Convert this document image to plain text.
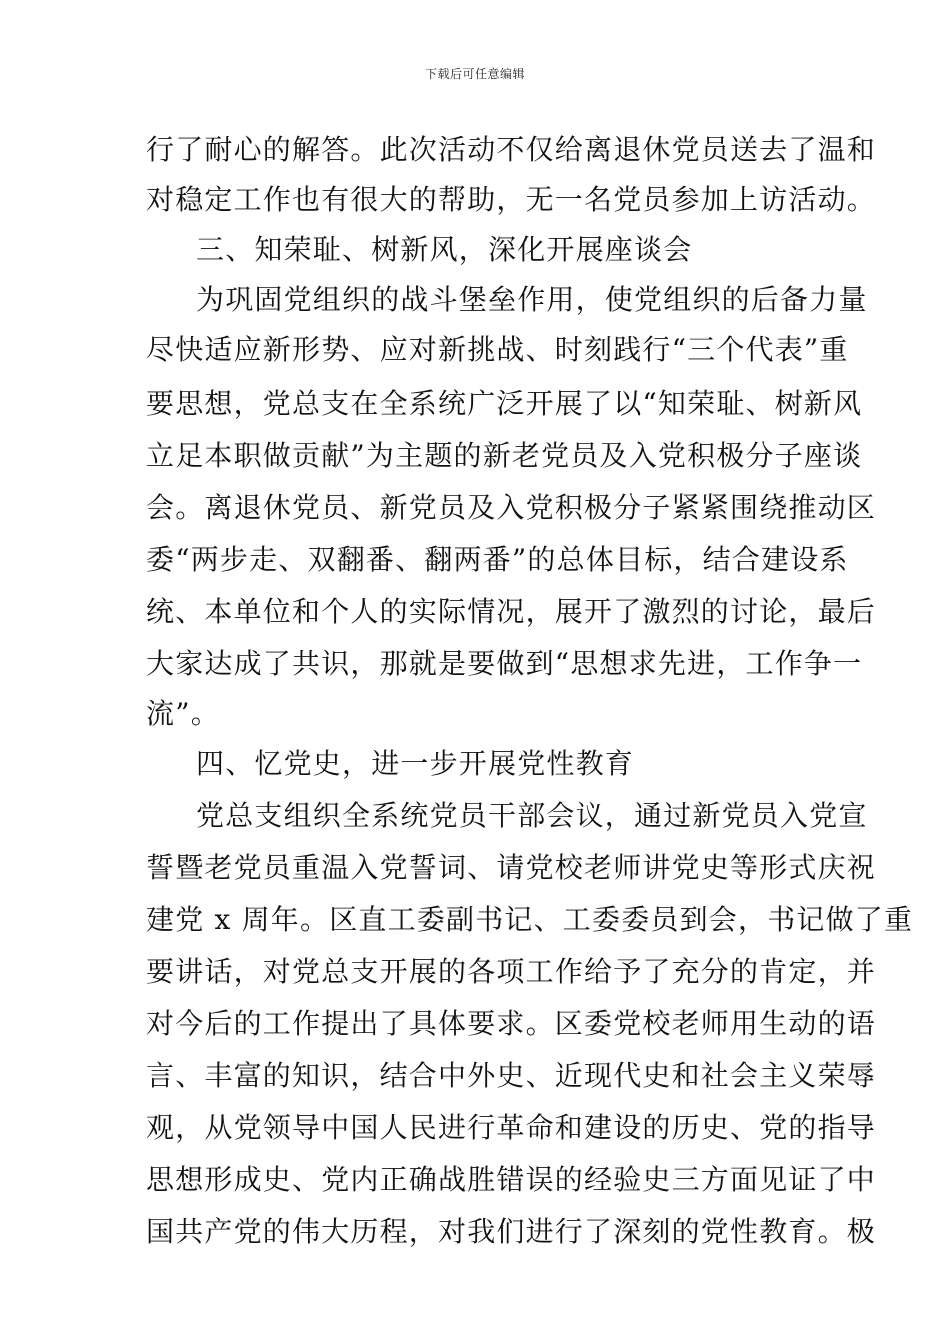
下载后可任意编辑
行了耐心的解答。此次活动不仅给离退休党员送去了温和
对稳定工作也有很大的帮助，无一名党员参加上访活动。
三、知荣耻、树新风，深化开展座谈会
为巩固党组织的战斗堡垒作用，使党组织的后备力量
尽快适应新形势、应对新挑战、时刻践行“三个代表”重
要思想，党总支在全系统广泛开展了以“知荣耻、树新风
立足本职做贡献”为主题的新老党员及入党积极分子座谈
会。离退休党员、新党员及入党积极分子紧紧围绕推动区
委“两步走、双翻番、翻两番”的总体目标，结合建设系
统、本单位和个人的实际情况，展开了激烈的讨论，最后
大家达成了共识，那就是要做到“思想求先进，工作争一
流”。
四、忆党史，进一步开展党性教育
党总支组织全系统党员干部会议，通过新党员入党宣
誓暨老党员重温入党誓词、请党校老师讲党史等形式庆祝
建党 x 周年。区直工委副书记、工委委员到会，书记做了重
要讲话，对党总支开展的各项工作给予了充分的肯定，并
对今后的工作提出了具体要求。区委党校老师用生动的语
言、丰富的知识，结合中外史、近现代史和社会主义荣辱
观，从党领导中国人民进行革命和建设的历史、党的指导
思想形成史、党内正确战胜错误的经验史三方面见证了中
国共产党的伟大历程，对我们进行了深刻的党性教育。极
